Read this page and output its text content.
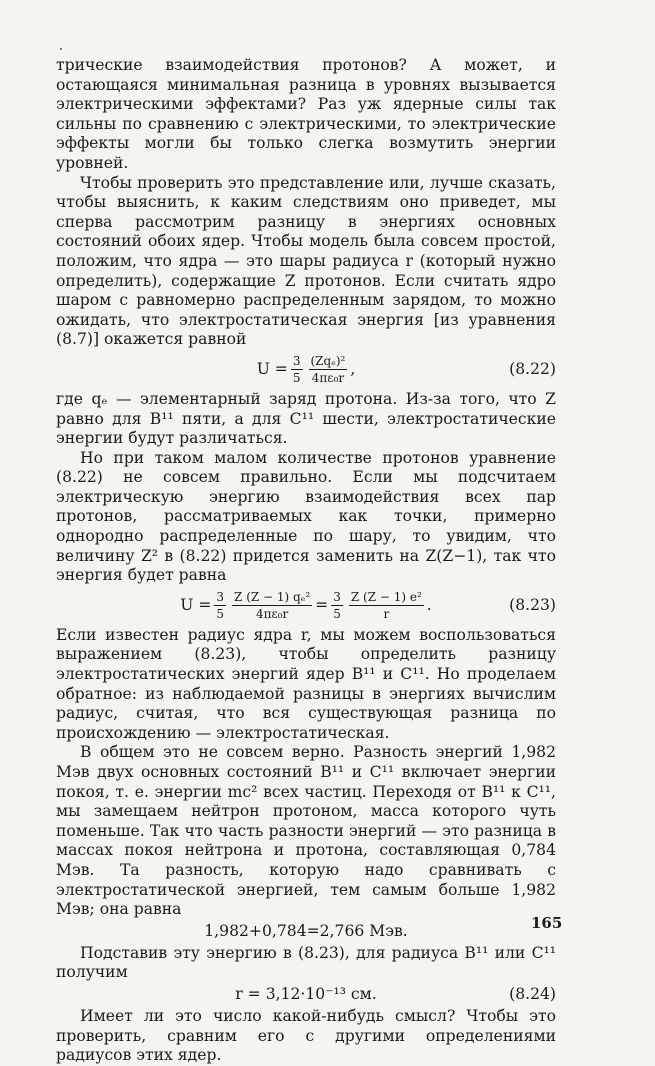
трические взаимодействия протонов? А может, и остающаяся минимальная разница в уровнях вызывается электрическими эффектами? Раз уж ядерные силы так сильны по сравнению с электрическими, то электрические эффекты могли бы только слегка возмутить энергии уровней.

Чтобы проверить это представление или, лучше сказать, чтобы выяснить, к каким следствиям оно приведет, мы сперва рассмотрим разницу в энергиях основных состояний обоих ядер. Чтобы модель была совсем простой, положим, что ядра — это шары радиуса r (который нужно определить), содержащие Z протонов. Если считать ядро шаром с равномерно распределенным зарядом, то можно ожидать, что электростатическая энергия [из уравнения (8.7)] окажется равной

$U = \frac{3}{5} \frac{\text{(Zqₑ)²}}{\text{4πε₀r}}$ ,	(8.22)

где qₑ — элементарный заряд протона. Из-за того, что Z равно для B¹¹ пяти, а для C¹¹ шести, электростатические энергии будут различаться.

Но при таком малом количестве протонов уравнение (8.22) не совсем правильно. Если мы подсчитаем электрическую энергию взаимодействия всех пар протонов, рассматриваемых как точки, примерно однородно распределенные по шару, то увидим, что величину Z² в (8.22) придется заменить на Z(Z−1), так что энергия будет равна

$U = \frac{3}{5} \frac{\text{Z (Z − 1) qₑ²}}{\text{4πε₀r}} = \frac{3}{5} \frac{\text{Z (Z − 1) e²}}{r}$ .	(8.23)

Если известен радиус ядра r, мы можем воспользоваться выражением (8.23), чтобы определить разницу электростатических энергий ядер B¹¹ и C¹¹. Но проделаем обратное: из наблюдаемой разницы в энергиях вычислим радиус, считая, что вся существующая разница по происхождению — электростатическая.

В общем это не совсем верно. Разность энергий 1,982 Мэв двух основных состояний B¹¹ и C¹¹ включает энергии покоя, т. е. энергии mc² всех частиц. Переходя от B¹¹ к C¹¹, мы замещаем нейтрон протоном, масса которого чуть поменьше. Так что часть разности энергий — это разница в массах покоя нейтрона и протона, составляющая 0,784 Мэв. Та разность, которую надо сравнивать с электростатической энергией, тем самым больше 1,982 Мэв; она равна

1,982+0,784=2,766 Мэв.

Подставив эту энергию в (8.23), для радиуса B¹¹ или C¹¹ получим

r = 3,12·10⁻¹³ см.	(8.24)

Имеет ли это число какой-нибудь смысл? Чтобы это проверить, сравним его с другими определениями радиусов этих ядер.

165
